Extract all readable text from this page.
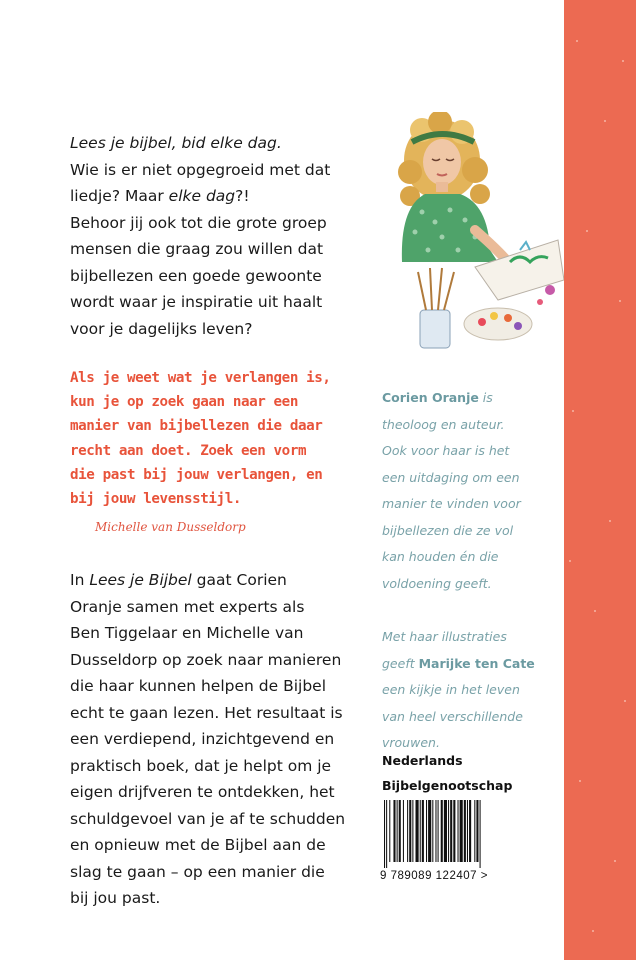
Lees je bijbel, bid elke dag.

Wie is er niet opgegroeid met dat

liedje? Maar elke dag?!

Behoor jij ook tot die grote groep

mensen die graag zou willen dat

bijbellezen een goede gewoonte

wordt waar je inspiratie uit haalt

voor je dagelijks leven?

Als je weet wat je verlangen is,

kun je op zoek gaan naar een

manier van bijbellezen die daar

recht aan doet. Zoek een vorm

die past bij jouw verlangen, en

bij jouw levensstijl.

Michelle van Dusseldorp

In Lees je Bijbel gaat Corien

Oranje samen met experts als

Ben Tiggelaar en Michelle van

Dusseldorp op zoek naar manieren

die haar kunnen helpen de Bijbel

echt te gaan lezen. Het resultaat is

een verdiepend, inzichtgevend en

praktisch boek, dat je helpt om je

eigen drijfveren te ontdekken, het

schuldgevoel van je af te schudden

en opnieuw met de Bijbel aan de

slag te gaan – op een manier die

bij jou past.

Corien Oranje is

theoloog en auteur.

Ook voor haar is het

een uitdaging om een

manier te vinden voor

bijbellezen die ze vol

kan houden én die

voldoening geeft.

Met haar illustraties

geeft Marijke ten Cate

een kijkje in het leven

van heel verschillende

vrouwen.

Nederlands

Bijbelgenootschap

9 789089 122407 >
